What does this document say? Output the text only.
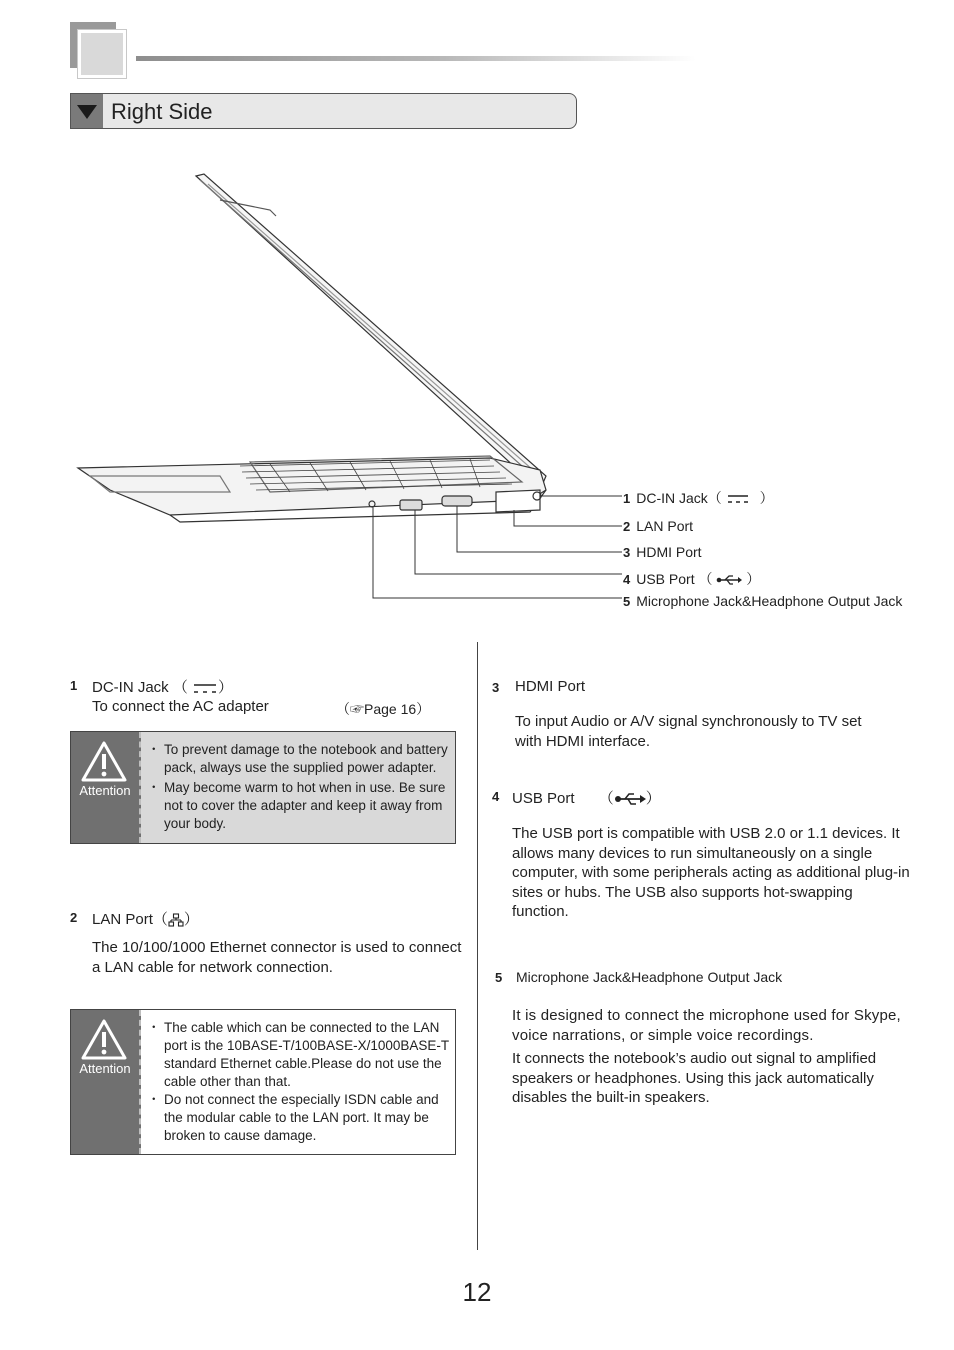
Right Side
1 DC-IN Jack（	）
2 LAN Port
3 HDMI Port
4 USB Port （ ）
5 Microphone Jack&Headphone Output Jack
1 DC-IN Jack （ ）
To connect the AC adapter	（☞Page 16）
Attention
・ To prevent damage to the notebook and battery pack, always use the supplied power adapter.
・ May become warm to hot when in use. Be sure not to cover the adapter and keep it away from your body.
2 LAN Port（ ）
The 10/100/1000 Ethernet connector is used to connect a LAN cable for network connection.
Attention
・ The cable which can be connected to the LAN port is the 10BASE-T/100BASE-X/1000BASE-T standard Ethernet cable.Please do not use the cable other than that.
・ Do not connect the especially ISDN cable and the modular cable to the LAN port. It may be broken to cause damage.
3 HDMI Port
To input Audio or A/V signal synchronously to TV set with HDMI interface.
4 USB Port （ ）
The USB port is compatible with USB 2.0 or 1.1 devices. It allows many devices to run simultaneously on a single computer, with some peripherals acting as additional plug-in sites or hubs. The USB also supports hot-swapping function.
5 Microphone Jack&Headphone Output Jack
It is designed to connect the microphone used for Skype, voice narrations, or simple voice recordings.
It connects the notebook’s audio out signal to amplified speakers or headphones. Using this jack automatically disables the built-in speakers.
12
